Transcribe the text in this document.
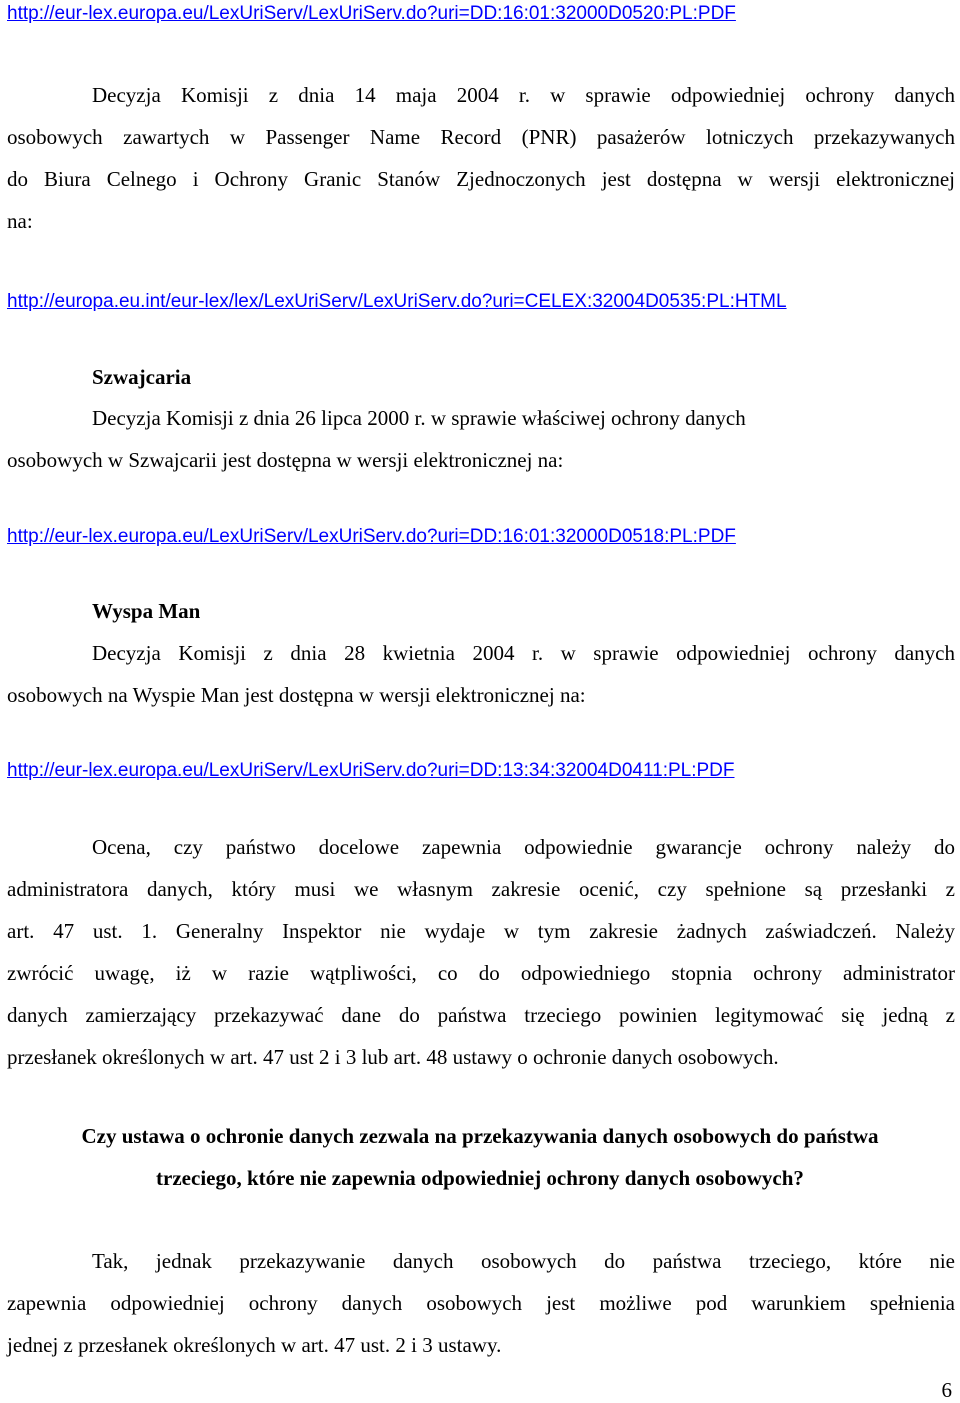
http://eur-lex.europa.eu/LexUriServ/LexUriServ.do?uri=DD:16:01:32000D0520:PL:PDF
Decyzja Komisji z dnia 14 maja 2004 r. w sprawie odpowiedniej ochrony danych
osobowych zawartych w Passenger Name Record (PNR) pasażerów lotniczych przekazywanych
do Biura Celnego i Ochrony Granic Stanów Zjednoczonych jest dostępna w wersji elektronicznej
na:
http://europa.eu.int/eur-lex/lex/LexUriServ/LexUriServ.do?uri=CELEX:32004D0535:PL:HTML
Szwajcaria
Decyzja Komisji z dnia 26 lipca 2000 r. w sprawie właściwej ochrony danych
osobowych w Szwajcarii jest dostępna w wersji elektronicznej na:
http://eur-lex.europa.eu/LexUriServ/LexUriServ.do?uri=DD:16:01:32000D0518:PL:PDF
Wyspa Man
Decyzja Komisji z dnia 28 kwietnia 2004 r. w sprawie odpowiedniej ochrony danych
osobowych na Wyspie Man jest dostępna w wersji elektronicznej na:
http://eur-lex.europa.eu/LexUriServ/LexUriServ.do?uri=DD:13:34:32004D0411:PL:PDF
Ocena, czy państwo docelowe zapewnia odpowiednie gwarancje ochrony należy do
administratora danych, który musi we własnym zakresie ocenić, czy spełnione są przesłanki z
art. 47 ust. 1. Generalny Inspektor nie wydaje w tym zakresie żadnych zaświadczeń. Należy
zwrócić uwagę, iż w razie wątpliwości, co do odpowiedniego stopnia ochrony administrator
danych zamierzający przekazywać dane do państwa trzeciego powinien legitymować się jedną z
przesłanek określonych w art. 47 ust 2 i 3 lub art. 48 ustawy o ochronie danych osobowych.
Czy ustawa o ochronie danych zezwala na przekazywania danych osobowych do państwa
trzeciego, które nie zapewnia odpowiedniej ochrony danych osobowych?
Tak, jednak przekazywanie danych osobowych do państwa trzeciego, które nie
zapewnia odpowiedniej ochrony danych osobowych jest możliwe pod warunkiem spełnienia
jednej z przesłanek określonych w art. 47 ust. 2 i 3 ustawy.
6
